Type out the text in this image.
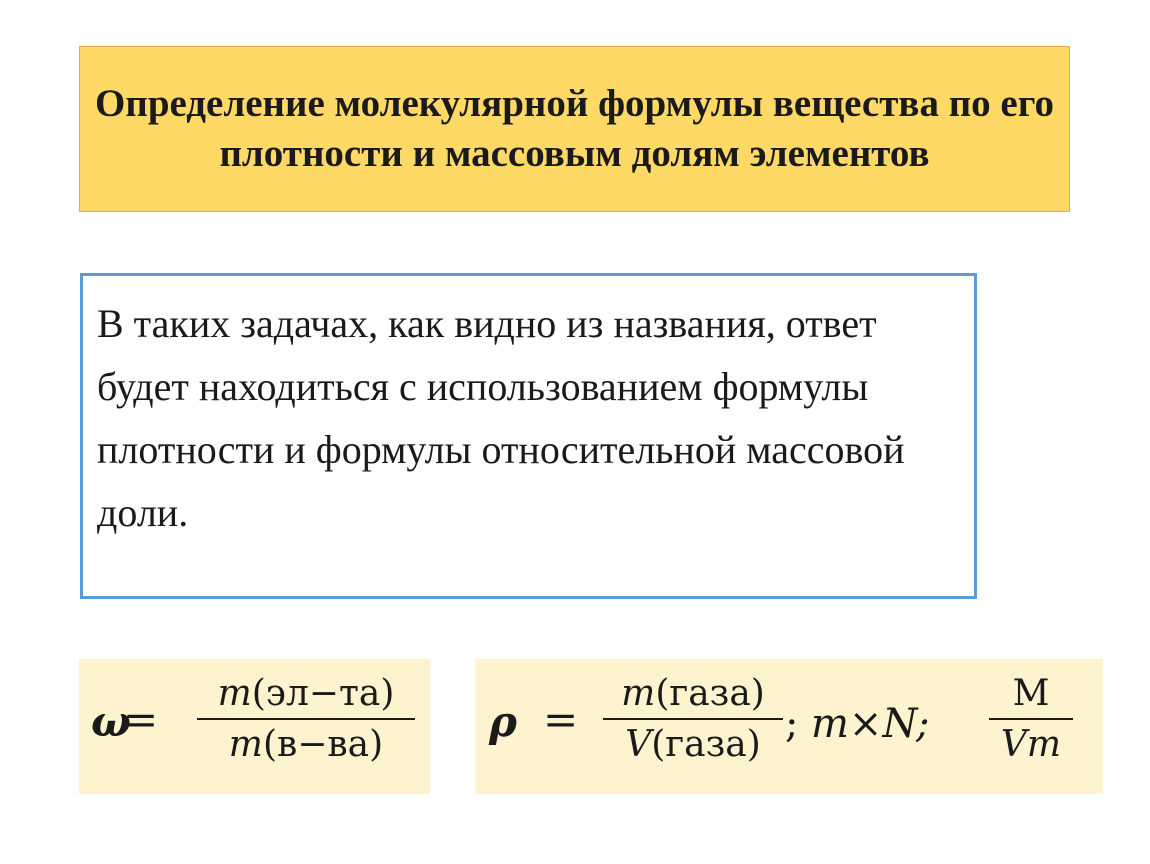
Определение молекулярной формулы вещества по его плотности и массовым долям элементов

В таких задачах, как видно из названия, ответ будет находиться с использованием формулы плотности и формулы относительной массовой доли.

ω
=
m(эл−та)
m(в−ва)	ρ =
m(газа)
V(газа) ; m×N;
M
Vm
